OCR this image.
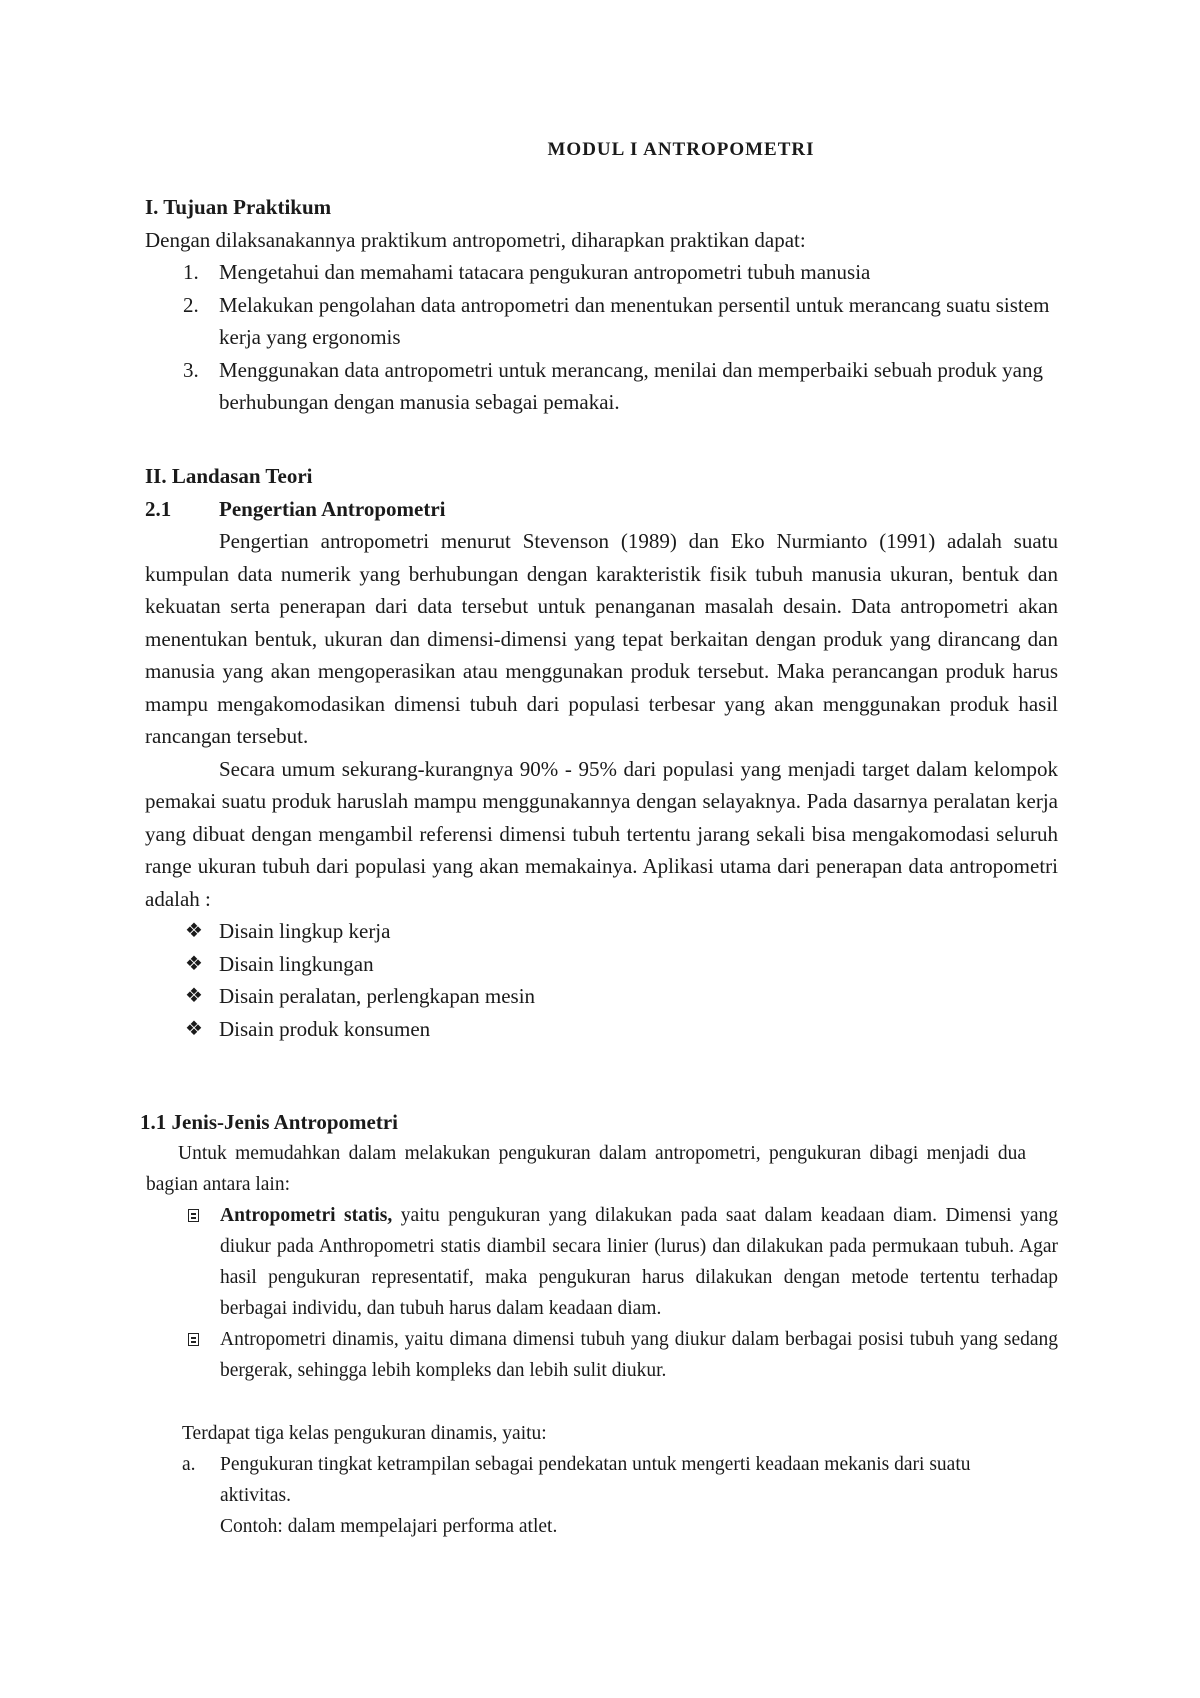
MODUL I ANTROPOMETRI
I. Tujuan Praktikum
Dengan dilaksanakannya praktikum antropometri, diharapkan praktikan dapat:
1. Mengetahui dan memahami tatacara pengukuran antropometri tubuh manusia
2. Melakukan pengolahan data antropometri dan menentukan persentil untuk merancang suatu sistem kerja yang ergonomis
3. Menggunakan data antropometri untuk merancang, menilai dan memperbaiki sebuah produk yang berhubungan dengan manusia sebagai pemakai.
II. Landasan Teori
2.1 Pengertian Antropometri
Pengertian antropometri menurut Stevenson (1989) dan Eko Nurmianto (1991) adalah suatu kumpulan data numerik yang berhubungan dengan karakteristik fisik tubuh manusia ukuran, bentuk dan kekuatan serta penerapan dari data tersebut untuk penanganan masalah desain. Data antropometri akan menentukan bentuk, ukuran dan dimensi-dimensi yang tepat berkaitan dengan produk yang dirancang dan manusia yang akan mengoperasikan atau menggunakan produk tersebut. Maka perancangan produk harus mampu mengakomodasikan dimensi tubuh dari populasi terbesar yang akan menggunakan produk hasil rancangan tersebut.
Secara umum sekurang-kurangnya 90% - 95% dari populasi yang menjadi target dalam kelompok pemakai suatu produk haruslah mampu menggunakannya dengan selayaknya. Pada dasarnya peralatan kerja yang dibuat dengan mengambil referensi dimensi tubuh tertentu jarang sekali bisa mengakomodasi seluruh range ukuran tubuh dari populasi yang akan memakainya. Aplikasi utama dari penerapan data antropometri adalah :
❖ Disain lingkup kerja
❖ Disain lingkungan
❖ Disain peralatan, perlengkapan mesin
❖ Disain produk konsumen
1.1 Jenis-Jenis Antropometri
Untuk memudahkan dalam melakukan pengukuran dalam antropometri, pengukuran dibagi menjadi dua bagian antara lain:
Antropometri statis, yaitu pengukuran yang dilakukan pada saat dalam keadaan diam. Dimensi yang diukur pada Anthropometri statis diambil secara linier (lurus) dan dilakukan pada permukaan tubuh. Agar hasil pengukuran representatif, maka pengukuran harus dilakukan dengan metode tertentu terhadap berbagai individu, dan tubuh harus dalam keadaan diam.
Antropometri dinamis, yaitu dimana dimensi tubuh yang diukur dalam berbagai posisi tubuh yang sedang bergerak, sehingga lebih kompleks dan lebih sulit diukur.
Terdapat tiga kelas pengukuran dinamis, yaitu:
a. Pengukuran tingkat ketrampilan sebagai pendekatan untuk mengerti keadaan mekanis dari suatu aktivitas.
Contoh: dalam mempelajari performa atlet.
